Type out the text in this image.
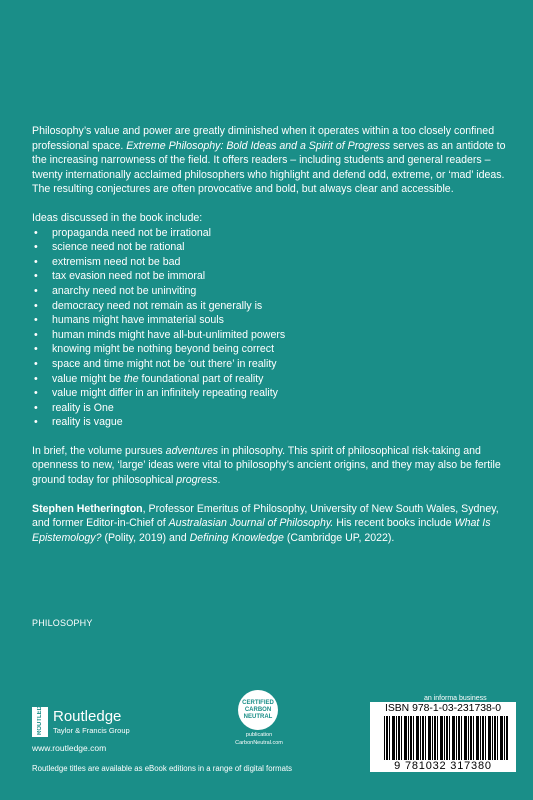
Philosophy’s value and power are greatly diminished when it operates within a too closely confined professional space. Extreme Philosophy: Bold Ideas and a Spirit of Progress serves as an antidote to the increasing narrowness of the field. It offers readers – including students and general readers – twenty internationally acclaimed philosophers who highlight and defend odd, extreme, or ‘mad’ ideas. The resulting conjectures are often provocative and bold, but always clear and accessible.

Ideas discussed in the book include:

• propaganda need not be irrational
• science need not be rational
• extremism need not be bad
• tax evasion need not be immoral
• anarchy need not be uninviting
• democracy need not remain as it generally is
• humans might have immaterial souls
• human minds might have all-but-unlimited powers
• knowing might be nothing beyond being correct
• space and time might not be ‘out there’ in reality
• value might be the foundational part of reality
• value might differ in an infinitely repeating reality
• reality is One
• reality is vague

In brief, the volume pursues adventures in philosophy. This spirit of philosophical risk-taking and openness to new, ‘large’ ideas were vital to philosophy’s ancient origins, and they may also be fertile ground today for philosophical progress.

Stephen Hetherington, Professor Emeritus of Philosophy, University of New South Wales, Sydney, and former Editor-in-Chief of Australasian Journal of Philosophy. His recent books include What Is Epistemology? (Polity, 2019) and Defining Knowledge (Cambridge UP, 2022).

PHILOSOPHY
ROUTLEDGE Routledge
Taylor & Francis Group
www.routledge.com
Routledge titles are available as eBook editions in a range of digital formats
CERTIFIED CARBON NEUTRAL
publication
CarbonNeutral.com
an informa business
ISBN 978-1-03-231738-0
9 781032 317380
